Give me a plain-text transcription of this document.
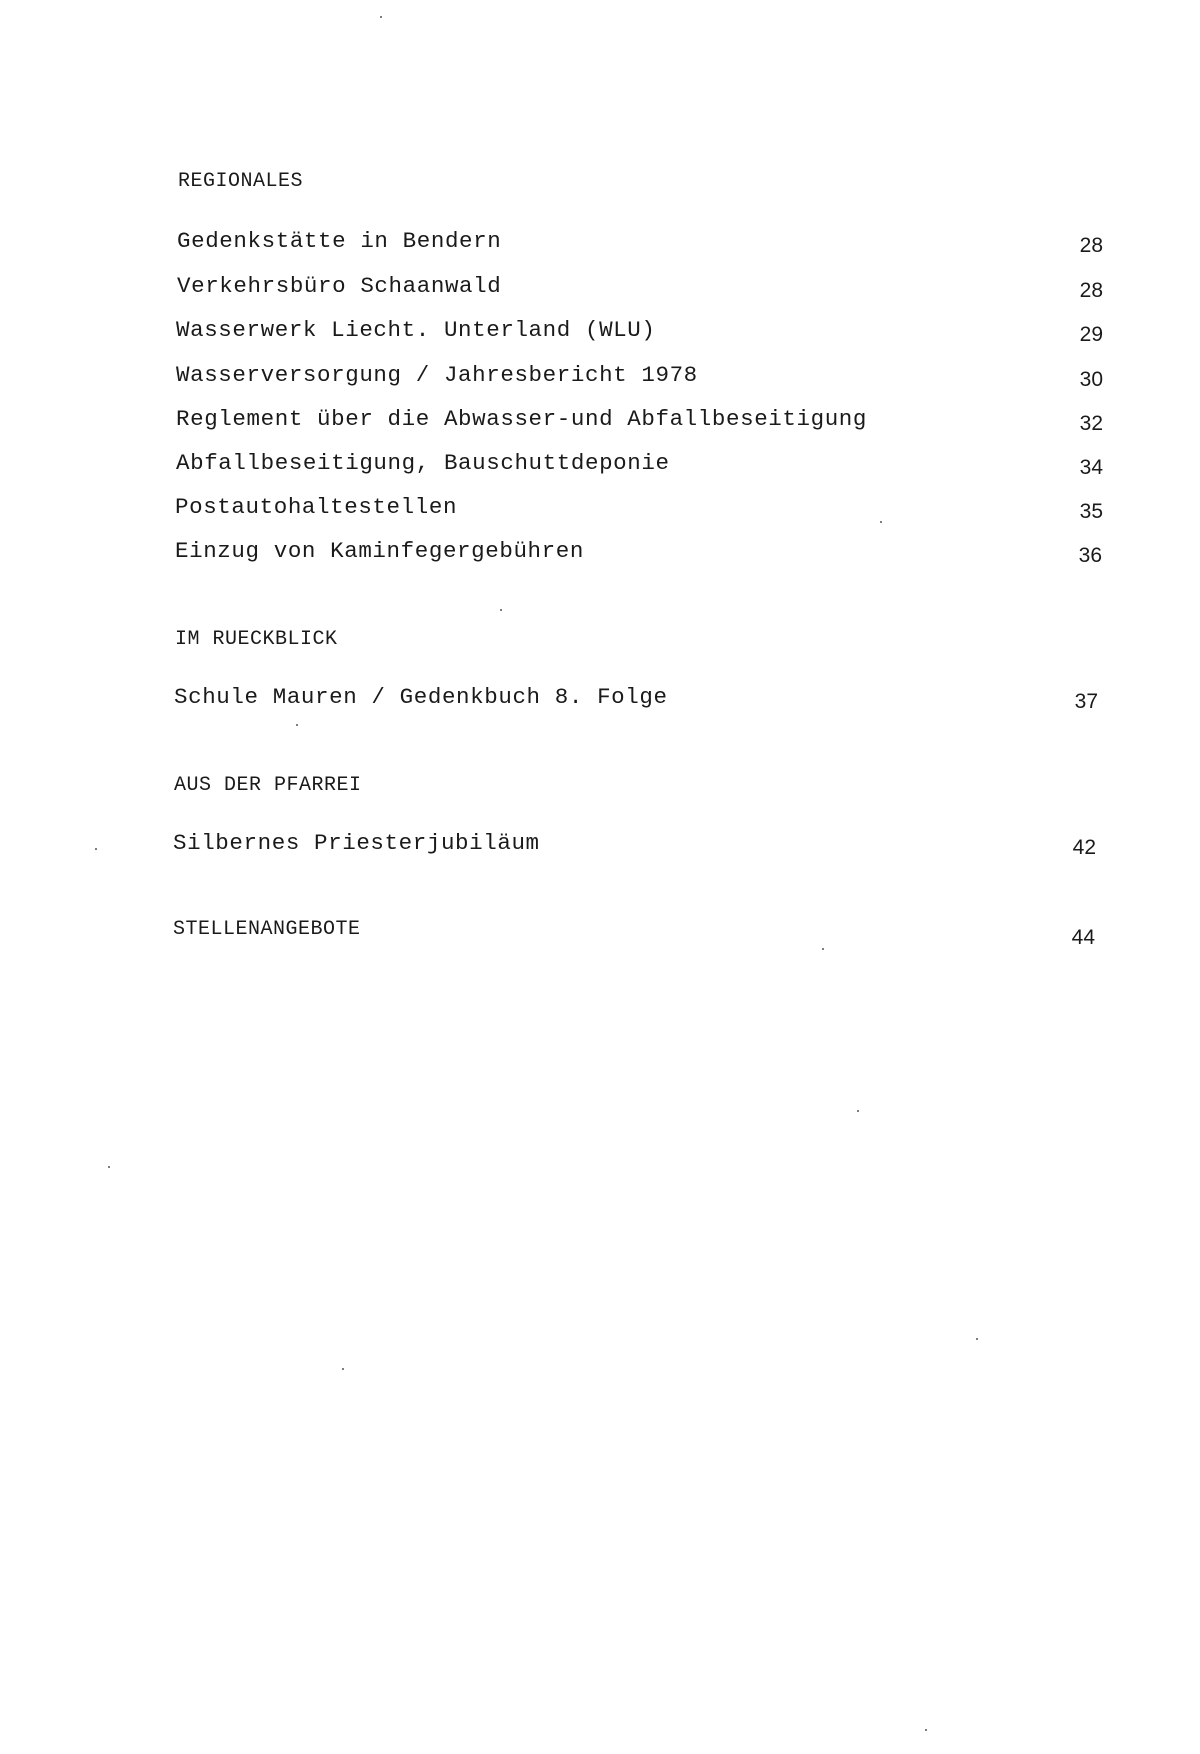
REGIONALES
Gedenkstätte in Bendern	28
Verkehrsbüro Schaanwald	28
Wasserwerk Liecht. Unterland (WLU)	29
Wasserversorgung / Jahresbericht 1978	30
Reglement über die Abwasser-und Abfallbeseitigung	32
Abfallbeseitigung, Bauschuttdeponie	34
Postautohaltestellen	35
Einzug von Kaminfegergebühren	36
IM RUECKBLICK
Schule Mauren / Gedenkbuch 8. Folge	37
AUS DER PFARREI
Silbernes Priesterjubiläum	42
STELLENANGEBOTE	44
